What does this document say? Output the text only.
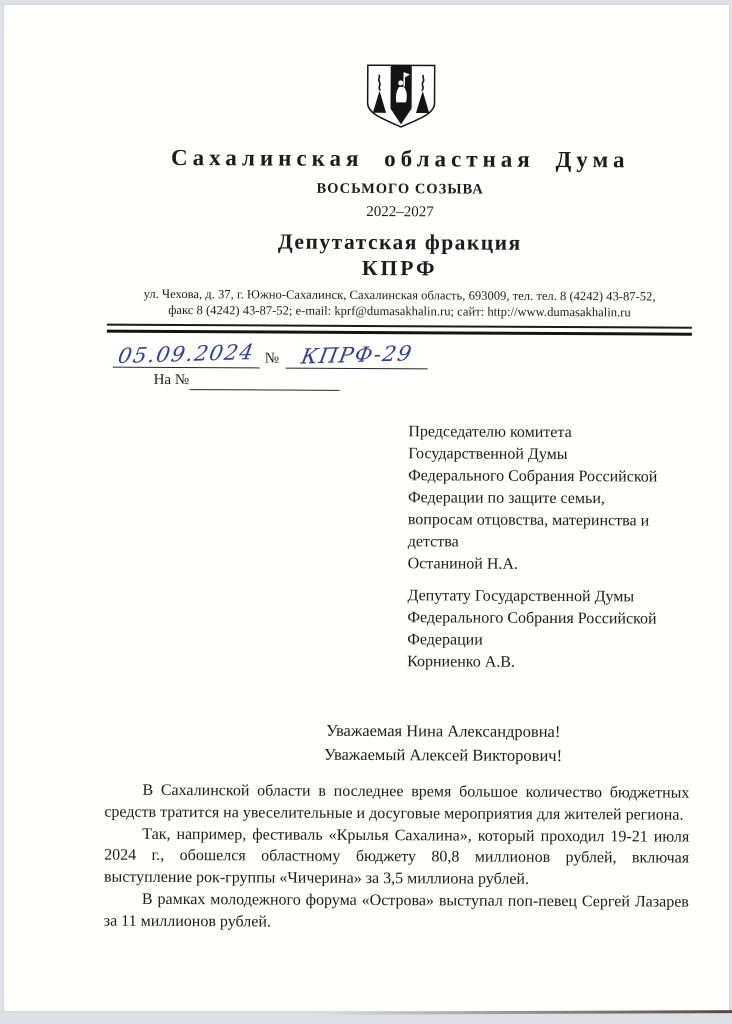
Сахалинская областная Дума
ВОСЬМОГО СОЗЫВА
2022–2027
Депутатская фракция
КПРФ
ул. Чехова, д. 37, г. Южно-Сахалинск, Сахалинская область, 693009, тел. тел. 8 (4242) 43-87-52,
факс 8 (4242) 43-87-52; e-mail: kprf@dumasakhalin.ru; сайт: http://www.dumasakhalin.ru
05.09.2024 № КПРФ-29
На №
Председателю комитета
Государственной Думы
Федерального Собрания Российской
Федерации по защите семьи,
вопросам отцовства, материнства и
детства
Останиной Н.А.
Депутату Государственной Думы
Федерального Собрания Российской
Федерации
Корниенко А.В.
Уважаемая Нина Александровна!
Уважаемый Алексей Викторович!

В Сахалинской области в последнее время большое количество бюджетных средств тратится на увеселительные и досуговые мероприятия для жителей региона.

Так, например, фестиваль «Крылья Сахалина», который проходил 19-21 июля 2024 г., обошелся областному бюджету 80,8 миллионов рублей, включая выступление рок-группы «Чичерина» за 3,5 миллиона рублей.

В рамках молодежного форума «Острова» выступал поп-певец Сергей Лазарев за 11 миллионов рублей.
